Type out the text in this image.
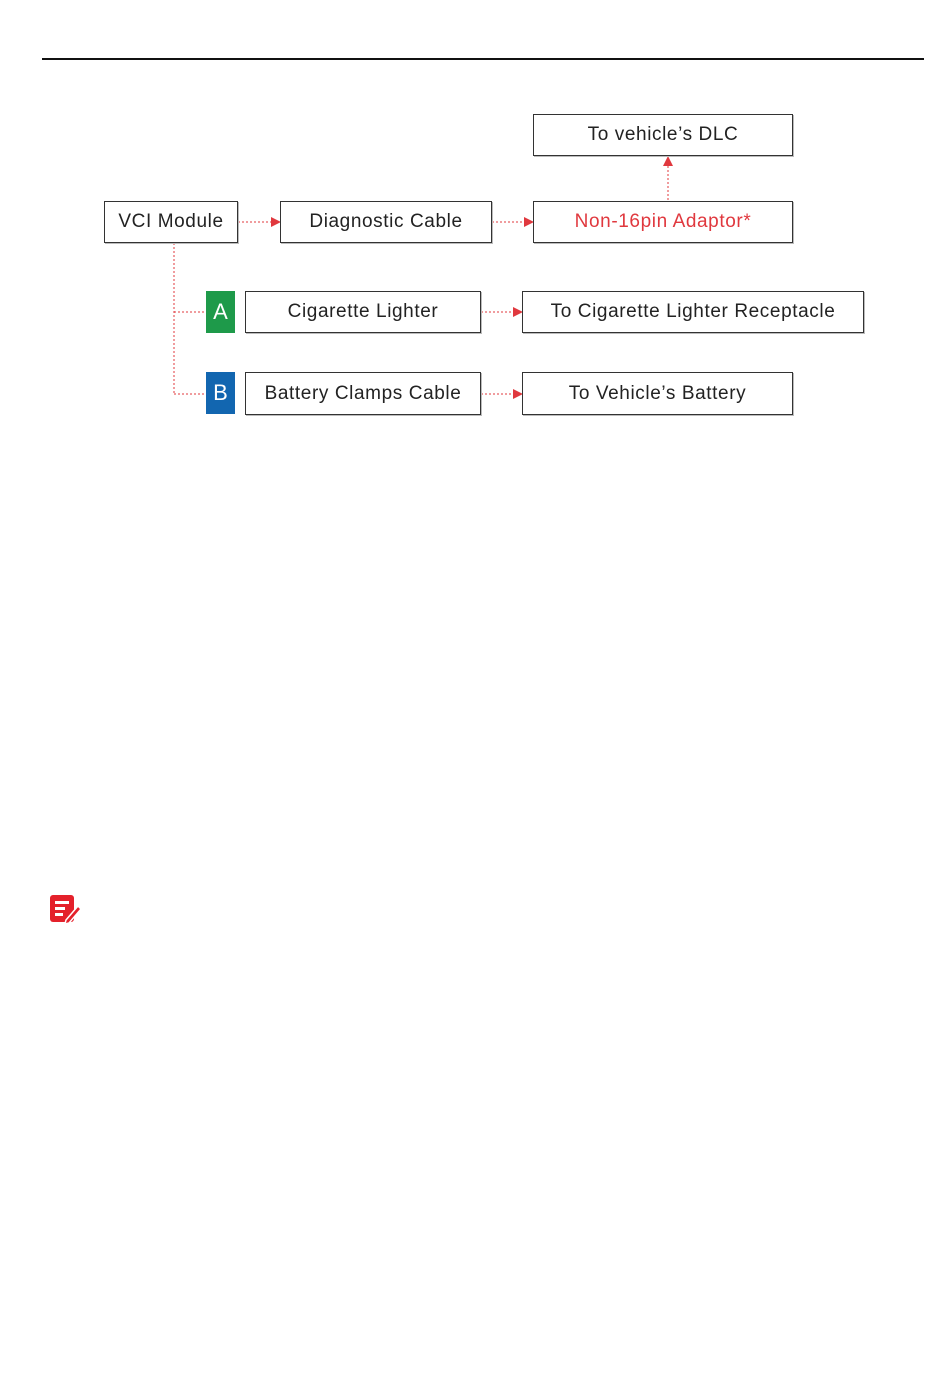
To vehicle’s DLC
VCI Module	Diagnostic Cable	Non-16pin Adaptor*
A	Cigarette Lighter	To Cigarette Lighter Receptacle
B	Battery Clamps Cable	To Vehicle’s Battery
